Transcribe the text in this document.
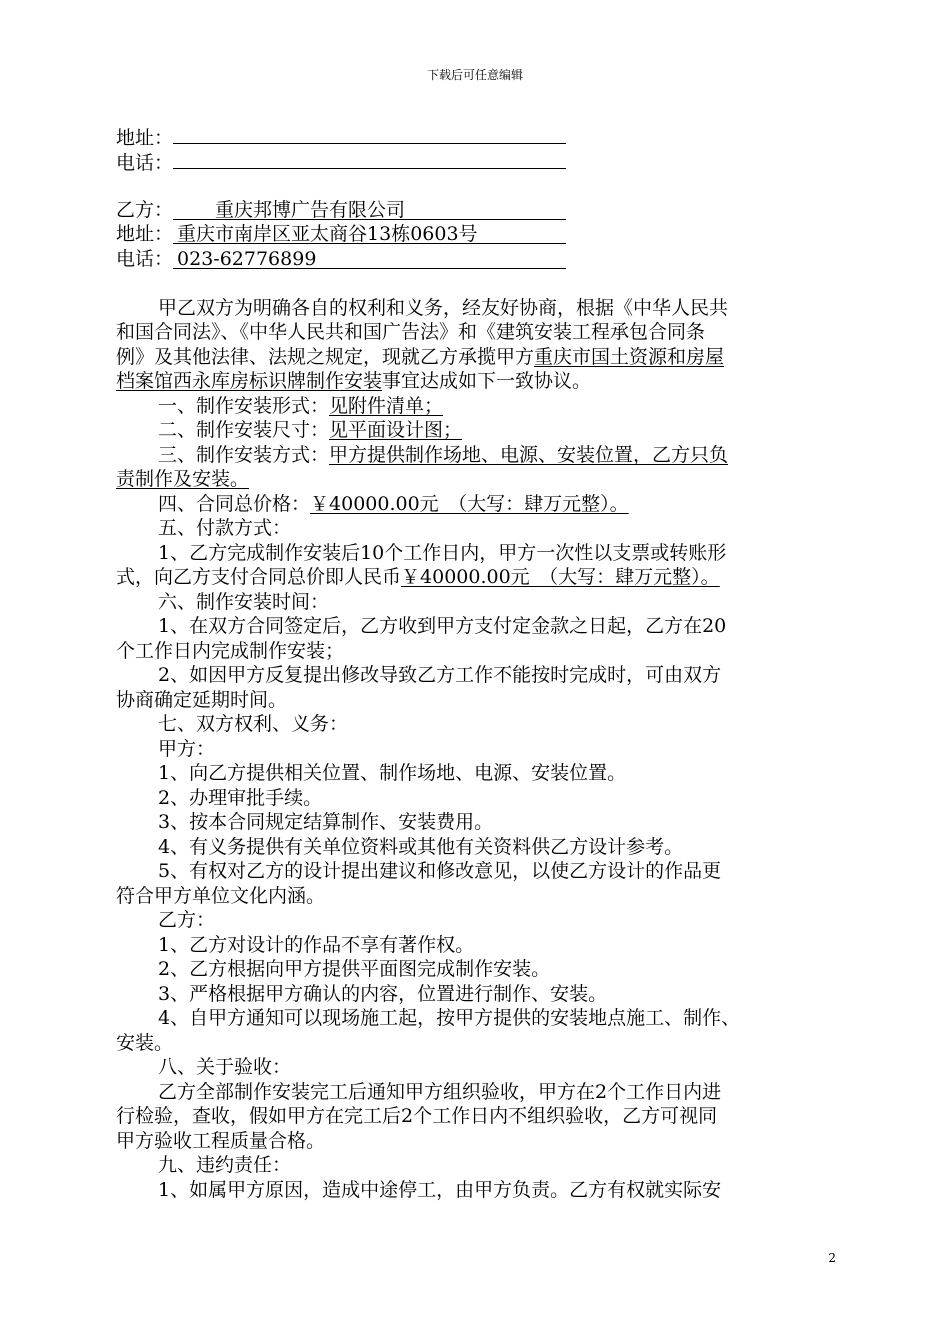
下载后可任意编辑
地址：
电话：
乙方： 　　重庆邦博广告有限公司
地址： 重庆市南岸区亚太商谷13栋0603号
电话： 023-62776899
甲乙双方为明确各自的权利和义务，经友好协商，根据《中华人民共
和国合同法》、《中华人民共和国广告法》和《建筑安装工程承包合同条
例》及其他法律、法规之规定，现就乙方承揽甲方重庆市国土资源和房屋
档案馆西永库房标识牌制作安装事宜达成如下一致协议。
一、制作安装形式：见附件清单；
二、制作安装尺寸：见平面设计图；
三、制作安装方式：甲方提供制作场地、电源、安装位置，乙方只负
责制作及安装。
四、合同总价格：￥40000.00元　（大写：肆万元整）。
五、付款方式：
1、乙方完成制作安装后10个工作日内，甲方一次性以支票或转账形
式，向乙方支付合同总价即人民币￥40000.00元　（大写：肆万元整）。
六、制作安装时间：
1、在双方合同签定后，乙方收到甲方支付定金款之日起，乙方在20
个工作日内完成制作安装；
2、如因甲方反复提出修改导致乙方工作不能按时完成时，可由双方
协商确定延期时间。
七、双方权利、义务：
甲方：
1、向乙方提供相关位置、制作场地、电源、安装位置。
2、办理审批手续。
3、按本合同规定结算制作、安装费用。
4、有义务提供有关单位资料或其他有关资料供乙方设计参考。
5、有权对乙方的设计提出建议和修改意见，以使乙方设计的作品更
符合甲方单位文化内涵。
乙方：
1、乙方对设计的作品不享有著作权。
2、乙方根据向甲方提供平面图完成制作安装。
3、严格根据甲方确认的内容，位置进行制作、安装。
4、自甲方通知可以现场施工起，按甲方提供的安装地点施工、制作、
安装。
八、关于验收：
乙方全部制作安装完工后通知甲方组织验收，甲方在2个工作日内进
行检验，查收，假如甲方在完工后2个工作日内不组织验收，乙方可视同
甲方验收工程质量合格。
九、违约责任：
1、如属甲方原因，造成中途停工，由甲方负责。乙方有权就实际安
2
